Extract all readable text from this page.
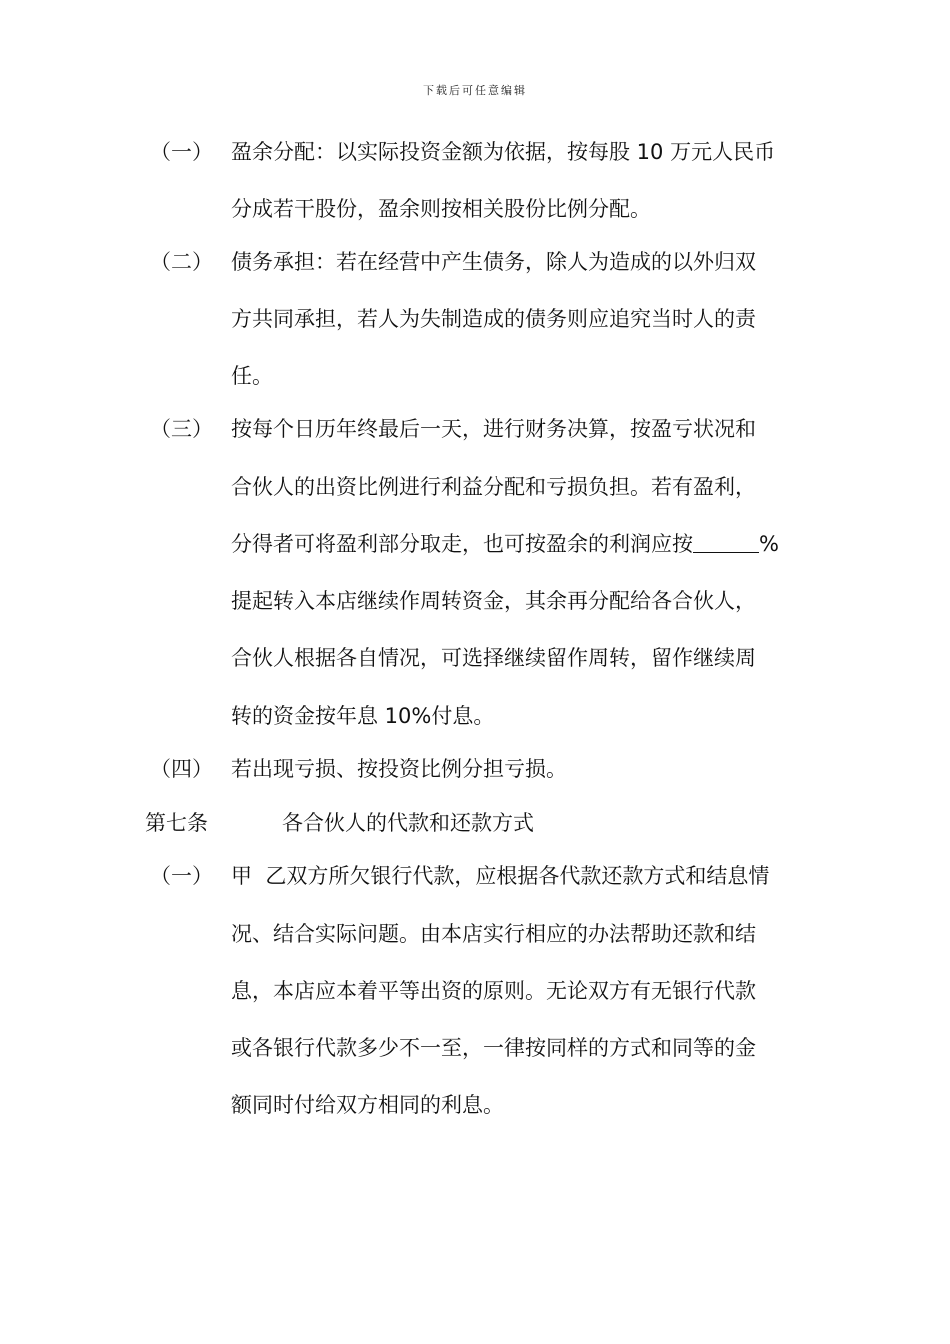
下载后可任意编辑
（一） 盈余分配：以实际投资金额为依据，按每股 10 万元人民币
分成若干股份，盈余则按相关股份比例分配。
（二） 债务承担：若在经营中产生债务，除人为造成的以外归双
方共同承担，若人为失制造成的债务则应追究当时人的责
任。
（三） 按每个日历年终最后一天，进行财务决算，按盈亏状况和
合伙人的出资比例进行利益分配和亏损负担。若有盈利，
分得者可将盈利部分取走，也可按盈余的利润应按	%
提起转入本店继续作周转资金，其余再分配给各合伙人，
合伙人根据各自情况，可选择继续留作周转，留作继续周
转的资金按年息 10%付息。
（四） 若出现亏损、按投资比例分担亏损。
第七条	各合伙人的代款和还款方式
（一） 甲  乙双方所欠银行代款，应根据各代款还款方式和结息情
况、结合实际问题。由本店实行相应的办法帮助还款和结
息，本店应本着平等出资的原则。无论双方有无银行代款
或各银行代款多少不一至，一律按同样的方式和同等的金
额同时付给双方相同的利息。
